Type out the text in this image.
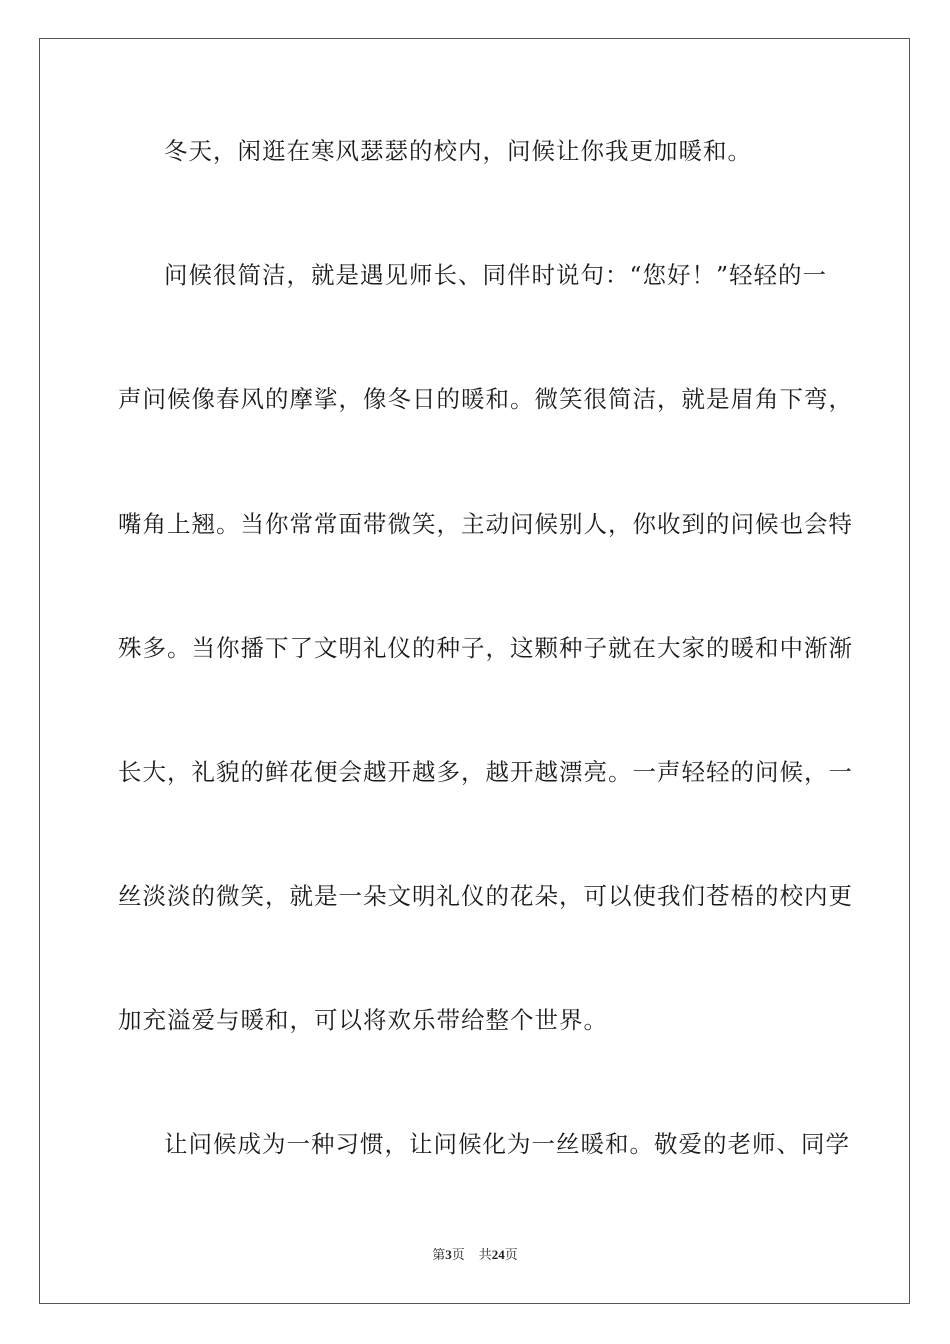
冬天，闲逛在寒风瑟瑟的校内，问候让你我更加暖和。
问候很简洁，就是遇见师长、同伴时说句：“您好！”轻轻的一
声问候像春风的摩挲，像冬日的暖和。微笑很简洁，就是眉角下弯，
嘴角上翘。当你常常面带微笑，主动问候别人，你收到的问候也会特
殊多。当你播下了文明礼仪的种子，这颗种子就在大家的暖和中渐渐
长大，礼貌的鲜花便会越开越多，越开越漂亮。一声轻轻的问候，一
丝淡淡的微笑，就是一朵文明礼仪的花朵，可以使我们苍梧的校内更
加充溢爱与暖和，可以将欢乐带给整个世界。
让问候成为一种习惯，让问候化为一丝暖和。敬爱的老师、同学
第3页 共24页
